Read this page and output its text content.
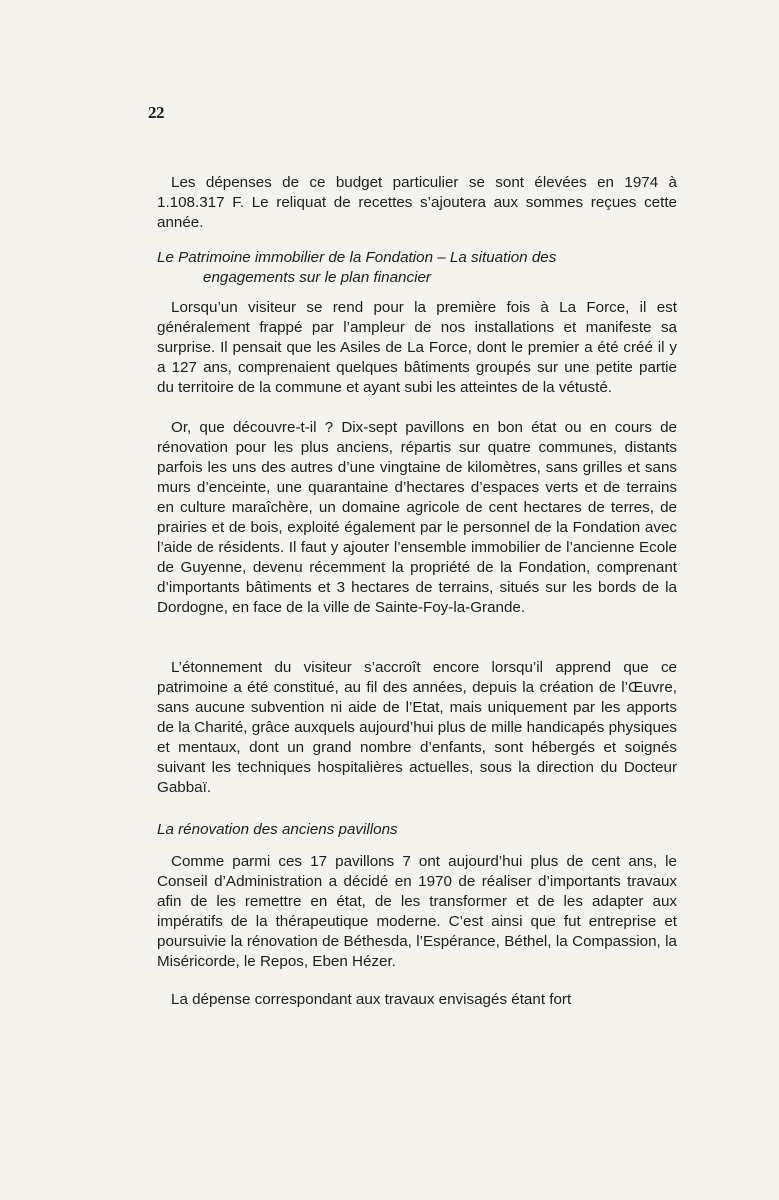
22

Les dépenses de ce budget particulier se sont élevées en 1974 à 1.108.317 F. Le reliquat de recettes s’ajoutera aux sommes reçues cette année.

Le Patrimoine immobilier de la Fondation – La situation des
engagements sur le plan financier

Lorsqu’un visiteur se rend pour la première fois à La Force, il est généralement frappé par l’ampleur de nos installations et manifeste sa surprise. Il pensait que les Asiles de La Force, dont le premier a été créé il y a 127 ans, comprenaient quelques bâtiments groupés sur une petite partie du territoire de la commune et ayant subi les atteintes de la vétusté.

Or, que découvre-t-il ? Dix-sept pavillons en bon état ou en cours de rénovation pour les plus anciens, répartis sur quatre communes, distants parfois les uns des autres d’une vingtaine de kilomètres, sans grilles et sans murs d’enceinte, une quarantaine d’hectares d’espaces verts et de terrains en culture maraîchère, un domaine agricole de cent hectares de terres, de prairies et de bois, exploité également par le personnel de la Fondation avec l’aide de résidents. Il faut y ajouter l’ensemble immobilier de l’ancienne Ecole de Guyenne, devenu récemment la propriété de la Fondation, comprenant d’importants bâtiments et 3 hectares de terrains, situés sur les bords de la Dordogne, en face de la ville de Sainte-Foy-la-Grande.

L’étonnement du visiteur s’accroît encore lorsqu’il apprend que ce patrimoine a été constitué, au fil des années, depuis la création de l’Œuvre, sans aucune subvention ni aide de l’Etat, mais uniquement par les apports de la Charité, grâce auxquels aujourd’hui plus de mille handicapés physiques et mentaux, dont un grand nombre d’enfants, sont hébergés et soignés suivant les techniques hospitalières actuelles, sous la direction du Docteur Gabbaï.

La rénovation des anciens pavillons

Comme parmi ces 17 pavillons 7 ont aujourd’hui plus de cent ans, le Conseil d’Administration a décidé en 1970 de réaliser d’importants travaux afin de les remettre en état, de les transformer et de les adapter aux impératifs de la thérapeutique moderne. C’est ainsi que fut entreprise et poursuivie la rénovation de Béthesda, l’Espérance, Béthel, la Compassion, la Miséricorde, le Repos, Eben Hézer.

La dépense correspondant aux travaux envisagés étant fort
